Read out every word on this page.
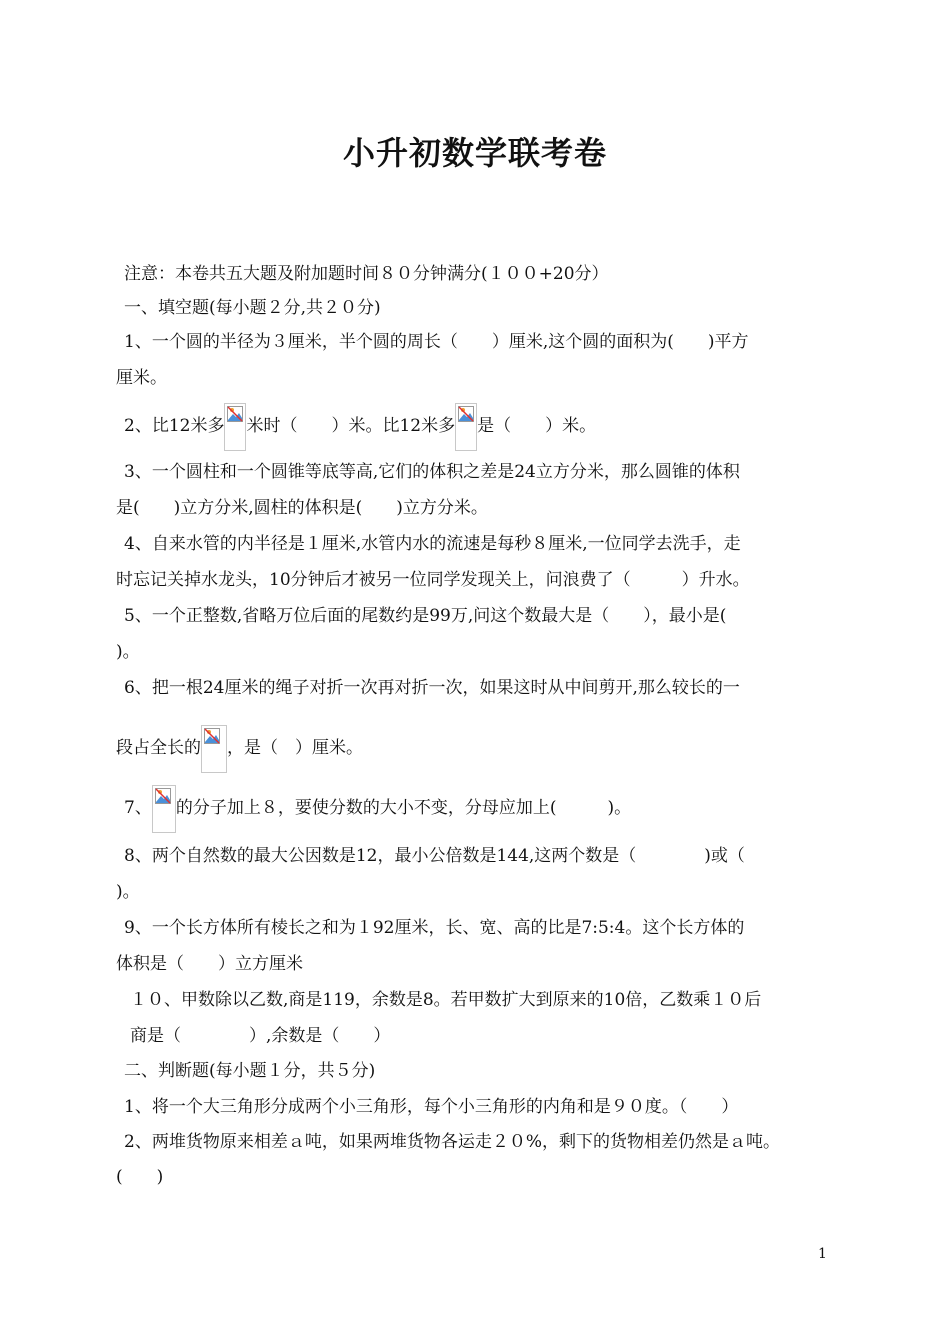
小升初数学联考卷
注意：本卷共五大题及附加题时间８０分钟满分(１００+20分）
一、填空题(每小题２分,共２０分)
1、一个圆的半径为３厘米，半个圆的周长（　　）厘米,这个圆的面积为(　　)平方
厘米。
2、比12米多 米时（　　）米。比12米多 是（　　）米。
3、一个圆柱和一个圆锥等底等高,它们的体积之差是24立方分米，那么圆锥的体积
是(　　)立方分米,圆柱的体积是(　　)立方分米。
4、自来水管的内半径是１厘米,水管内水的流速是每秒８厘米,一位同学去洗手，走
时忘记关掉水龙头，10分钟后才被另一位同学发现关上，问浪费了（　　　）升水。
5、一个正整数,省略万位后面的尾数约是99万,问这个数最大是（　　），最小是(
)。
6、把一根24厘米的绳子对折一次再对折一次，如果这时从中间剪开,那么较长的一
段占全长的 ，是（　）厘米。
7、 的分子加上８，要使分数的大小不变，分母应加上(　　　)。
8、两个自然数的最大公因数是12，最小公倍数是144,这两个数是（　　　　)或（
)。
9、一个长方体所有棱长之和为１92厘米，长、宽、高的比是7:5:4。这个长方体的
体积是（　　）立方厘米
１０、甲数除以乙数,商是119，余数是8。若甲数扩大到原来的10倍，乙数乘１０后
商是（　　　　）,余数是（　　）
二、判断题(每小题１分，共５分)
1、将一个大三角形分成两个小三角形，每个小三角形的内角和是９０度。（　　）
2、两堆货物原来相差ａ吨，如果两堆货物各运走２０%，剩下的货物相差仍然是ａ吨。
(　　)
1
